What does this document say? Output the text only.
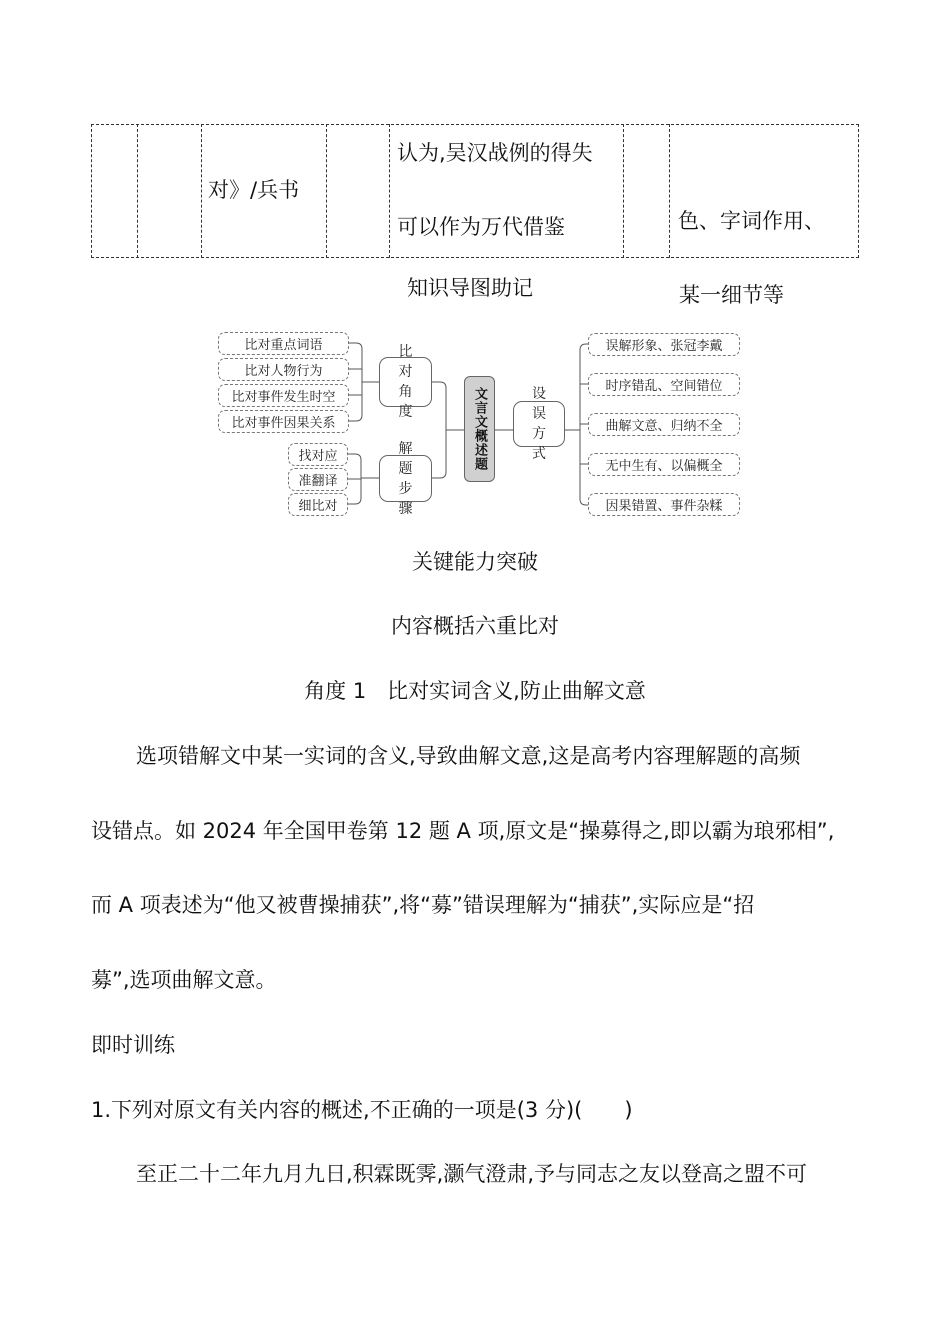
对》/兵书
认为,吴汉战例的得失
可以作为万代借鉴	色、字词作用、
某一细节等
知识导图助记
比对重点词语
比对人物行为
比对事件发生时空
比对事件因果关系
找对应
准翻译
细比对
比对角度
解题步骤
文言文概述题	设误方式
误解形象、张冠李戴
时序错乱、空间错位
曲解文意、归纳不全
无中生有、以偏概全
因果错置、事件杂糅
关键能力突破
内容概括六重比对
角度 1　比对实词含义,防止曲解文意
选项错解文中某一实词的含义,导致曲解文意,这是高考内容理解题的高频
设错点。如 2024 年全国甲卷第 12 题 A 项,原文是“操募得之,即以霸为琅邪相”,
而 A 项表述为“他又被曹操捕获”,将“募”错误理解为“捕获”,实际应是“招
募”,选项曲解文意。
即时训练
1.下列对原文有关内容的概述,不正确的一项是(3 分)(　　)
至正二十二年九月九日,积霖既霁,灏气澄肃,予与同志之友以登高之盟不可
